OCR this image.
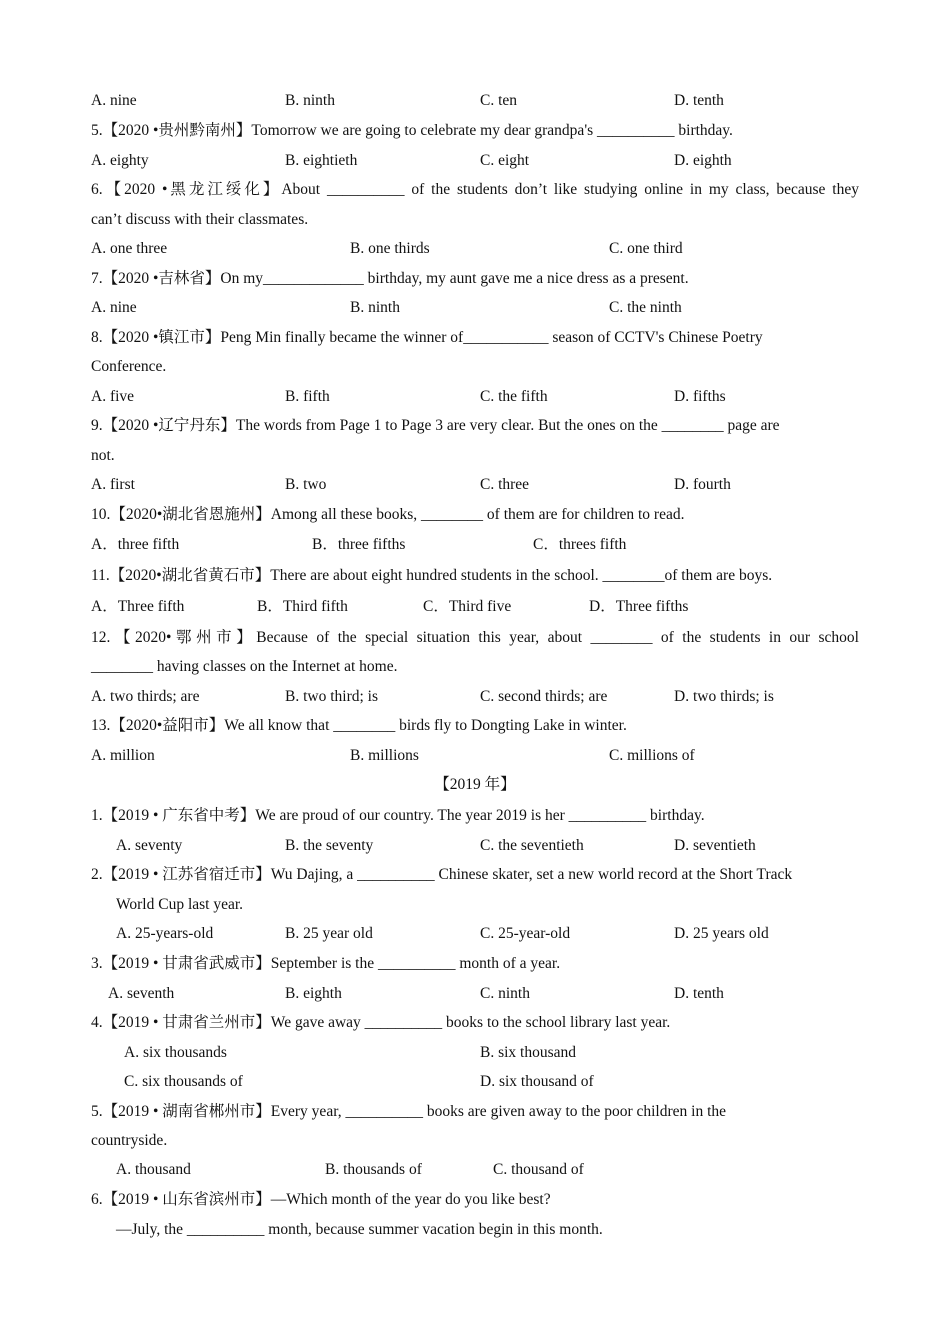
A. nine	B. ninth	C. ten	D. tenth
5.【2020 •贵州黔南州】Tomorrow we are going to celebrate my dear grandpa's __________ birthday.
A. eighty	B. eightieth	C. eight	D. eighth
6.【2020 •黑龙江绥化】About __________ of the students don’t like studying online in my class, because they
can’t discuss with their classmates.
A. one three	B. one thirds	C. one third
7.【2020 •吉林省】On my_____________ birthday, my aunt gave me a nice dress as a present.
A. nine	B. ninth	C. the ninth
8.【2020 •镇江市】Peng Min finally became the winner of___________ season of CCTV's Chinese Poetry
Conference.
A. five	B. fifth	C. the fifth	D. fifths
9.【2020 •辽宁丹东】The words from Page 1 to Page 3 are very clear. But the ones on the ________ page are
not.
A. first	B. two	C. three	D. fourth
10.【2020•湖北省恩施州】Among all these books, ________ of them are for children to read.
A．three fifth	B．three fifths	C．threes fifth
11.【2020•湖北省黄石市】There are about eight hundred students in the school. ________of them are boys.
A．Three fifth	B．Third fifth	C．Third five	D．Three fifths
12.【2020•鄂州市】Because of the special situation this year, about ________ of the students in our school
________ having classes on the Internet at home.
A. two thirds; are	B. two third; is	C. second thirds; are	D. two thirds; is
13.【2020•益阳市】We all know that ________ birds fly to Dongting Lake in winter.
A. million	B. millions	C. millions of
【2019 年】
1.【2019 • 广东省中考】We are proud of our country. The year 2019 is her __________ birthday.
A. seventy	B. the seventy	C. the seventieth	D. seventieth
2.【2019 • 江苏省宿迁市】Wu Dajing, a __________ Chinese skater, set a new world record at the Short Track
World Cup last year.
A. 25-years-old	B. 25 year old	C. 25-year-old	D. 25 years old
3.【2019 • 甘肃省武威市】September is the __________ month of a year.
A. seventh	B. eighth	C. ninth	D. tenth
4.【2019 • 甘肃省兰州市】We gave away __________ books to the school library last year.
A. six thousands	B. six thousand
C. six thousands of	D. six thousand of
5.【2019 • 湖南省郴州市】Every year, __________ books are given away to the poor children in the
countryside.
A. thousand	B. thousands of	C. thousand of
6.【2019 • 山东省滨州市】—Which month of the year do you like best?
—July, the __________ month, because summer vacation begin in this month.
